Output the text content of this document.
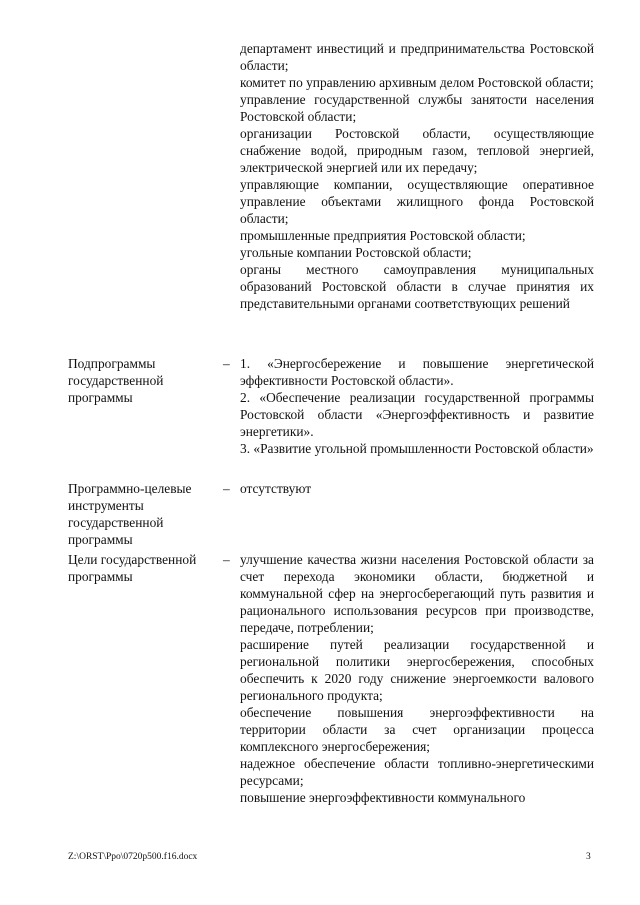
департамент инвестиций и предпринимательства Ростовской области;

комитет по управлению архивным делом Ростовской области;

управление государственной службы занятости населения Ростовской области;

организации Ростовской области, осуществляющие снабжение водой, природным газом, тепловой энергией, электрической энергией или их передачу;

управляющие компании, осуществляющие оперативное управление объектами жилищного фонда Ростовской области;

промышленные предприятия Ростовской области;

угольные компании Ростовской области;

органы местного самоуправления муниципальных образований Ростовской области в случае принятия их представительными органами соответствующих решений

Подпрограммы государственной программы
– 1. «Энергосбережение и повышение энергетической эффективности Ростовской области».

2. «Обеспечение реализации государственной программы Ростовской области «Энергоэффективность и развитие энергетики».

3. «Развитие угольной промышленности Ростовской области»

Программно-целевые инструменты государственной программы
– отсутствуют

Цели государственной программы
– улучшение качества жизни населения Ростовской области за счет перехода экономики области, бюджетной и коммунальной сфер на энергосберегающий путь развития и рационального использования ресурсов при производстве, передаче, потреблении;

расширение путей реализации государственной и региональной политики энергосбережения, способных обеспечить к 2020 году снижение энергоемкости валового регионального продукта;

обеспечение повышения энергоэффективности на территории области за счет организации процесса комплексного энергосбережения;

надежное обеспечение области топливно-энергетическими ресурсами;

повышение энергоэффективности коммунального

Z:\ORST\Ppo\0720p500.f16.docx	3
